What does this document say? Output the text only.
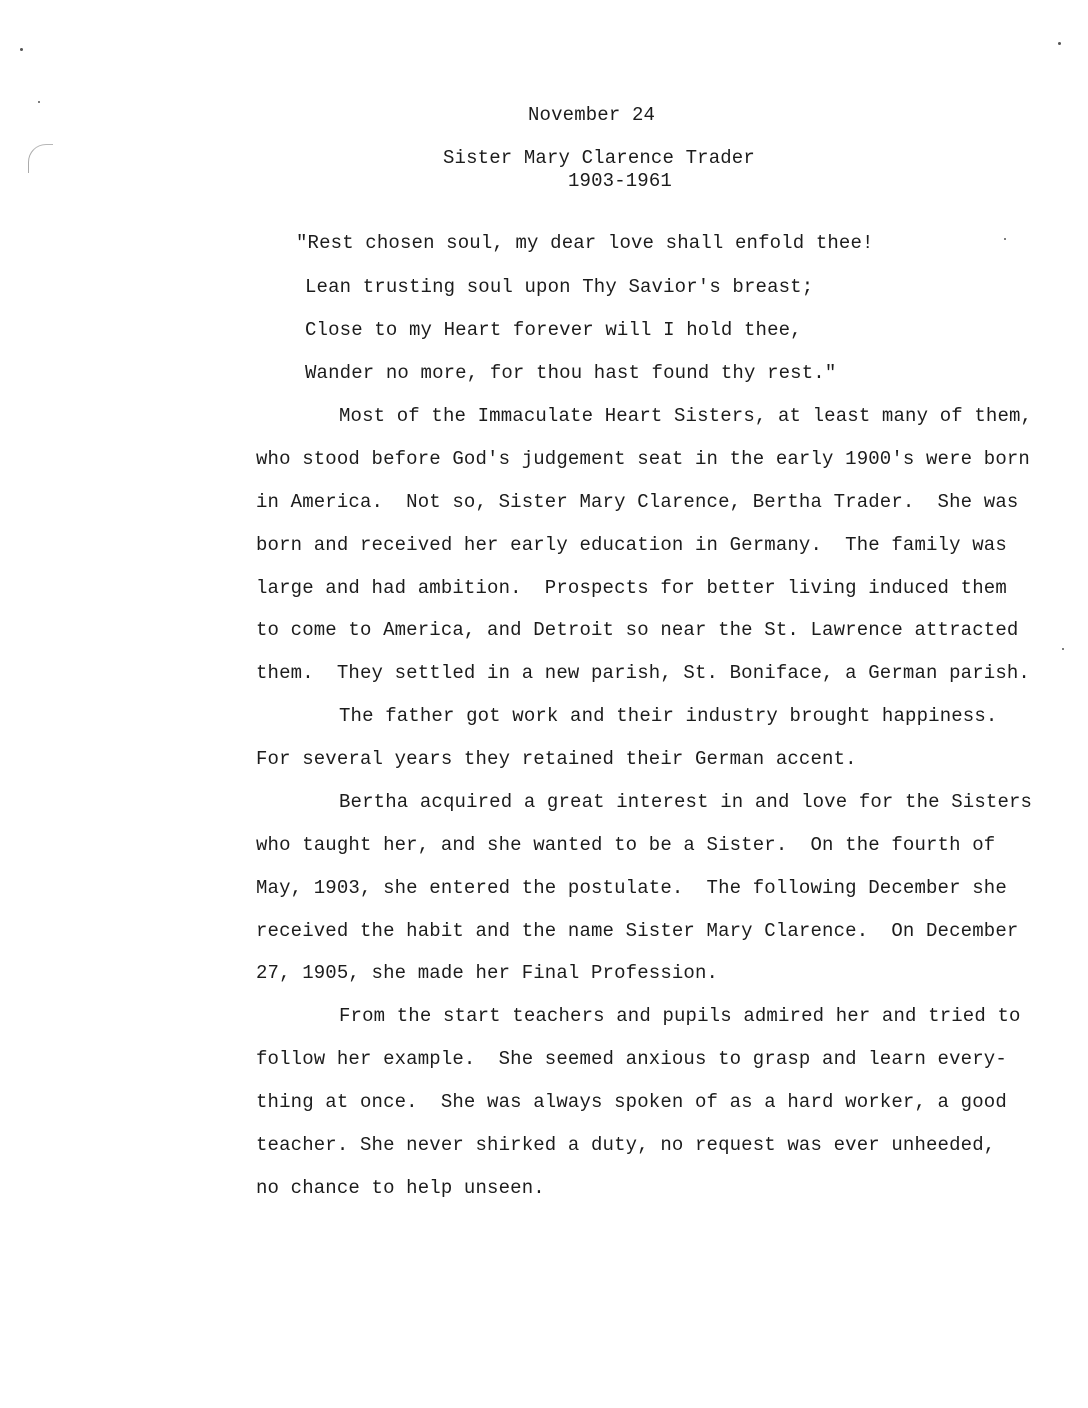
November 24
Sister Mary Clarence Trader
1903-1961
"Rest chosen soul, my dear love shall enfold thee!
Lean trusting soul upon Thy Savior's breast;
Close to my Heart forever will I hold thee,
Wander no more, for thou hast found thy rest."
Most of the Immaculate Heart Sisters, at least many of them,
who stood before God's judgement seat in the early 1900's were born
in America.  Not so, Sister Mary Clarence, Bertha Trader.  She was
born and received her early education in Germany.  The family was
large and had ambition.  Prospects for better living induced them
to come to America, and Detroit so near the St. Lawrence attracted
them.  They settled in a new parish, St. Boniface, a German parish.
The father got work and their industry brought happiness.
For several years they retained their German accent.
Bertha acquired a great interest in and love for the Sisters
who taught her, and she wanted to be a Sister.  On the fourth of
May, 1903, she entered the postulate.  The following December she
received the habit and the name Sister Mary Clarence.  On December
27, 1905, she made her Final Profession.
From the start teachers and pupils admired her and tried to
follow her example.  She seemed anxious to grasp and learn every-
thing at once.  She was always spoken of as a hard worker, a good
teacher. She never shirked a duty, no request was ever unheeded,
no chance to help unseen.
